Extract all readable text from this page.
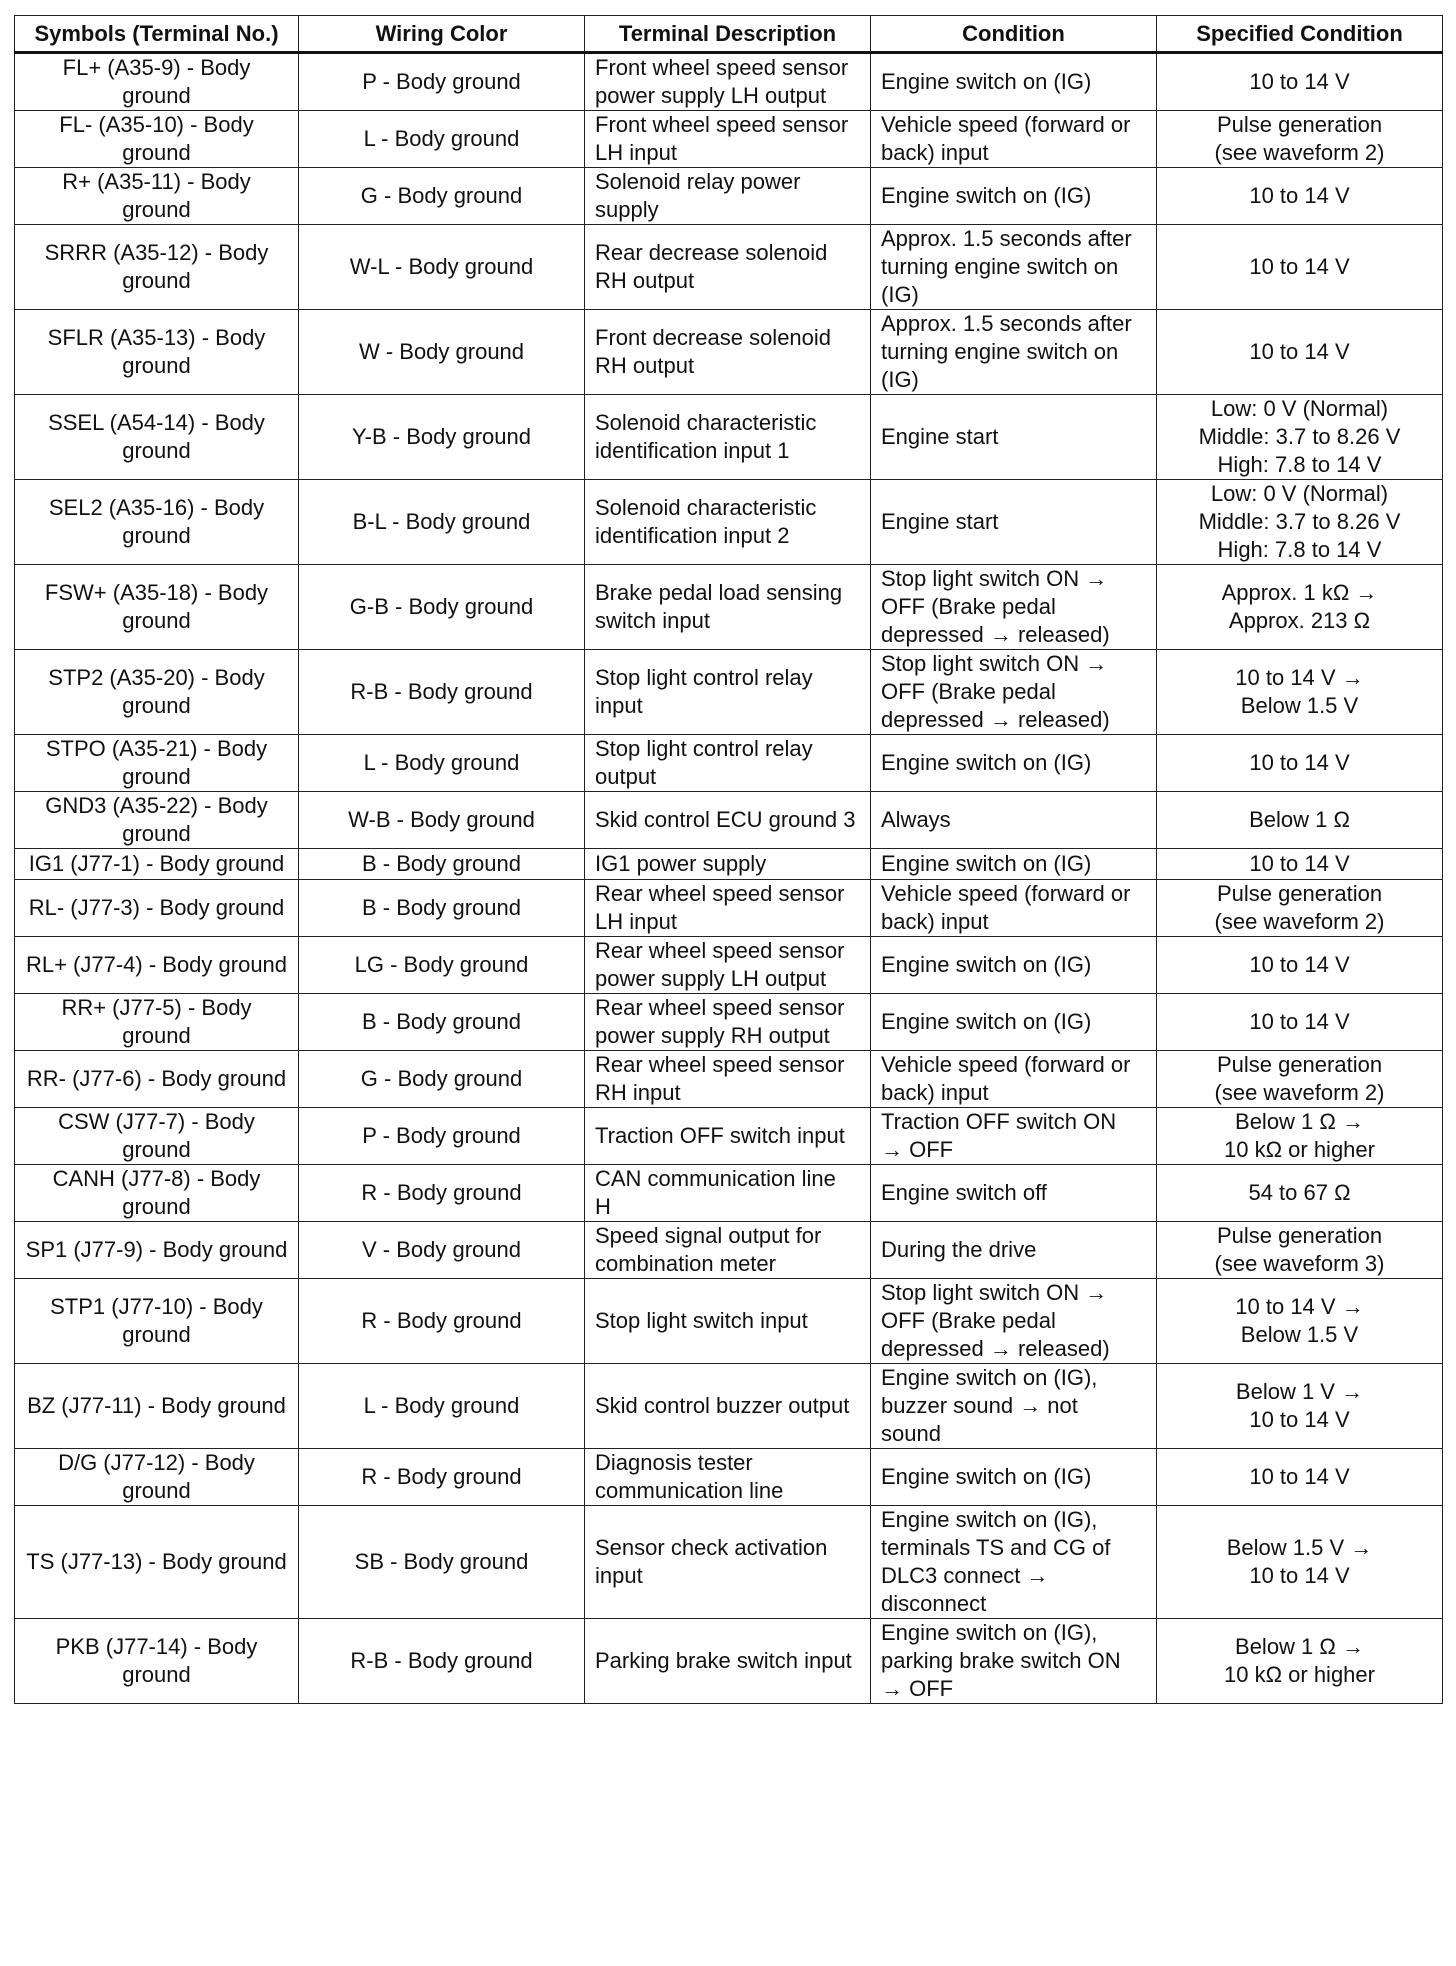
Symbols (Terminal No.)	Wiring Color	Terminal Description	Condition	Specified Condition
FL+ (A35-9) - Body
ground	P - Body ground	Front wheel speed sensor
power supply LH output	Engine switch on (IG)	10 to 14 V
FL- (A35-10) - Body
ground	L - Body ground	Front wheel speed sensor
LH input	Vehicle speed (forward or
back) input	Pulse generation
(see waveform 2)
R+ (A35-11) - Body
ground	G - Body ground	Solenoid relay power
supply	Engine switch on (IG)	10 to 14 V
SRRR (A35-12) - Body
ground	W-L - Body ground	Rear decrease solenoid
RH output	Approx. 1.5 seconds after
turning engine switch on
(IG)	10 to 14 V
SFLR (A35-13) - Body
ground	W - Body ground	Front decrease solenoid
RH output	Approx. 1.5 seconds after
turning engine switch on
(IG)	10 to 14 V
SSEL (A54-14) - Body
ground	Y-B - Body ground	Solenoid characteristic
identification input 1	Engine start	Low: 0 V (Normal)
Middle: 3.7 to 8.26 V
High: 7.8 to 14 V
SEL2 (A35-16) - Body
ground	B-L - Body ground	Solenoid characteristic
identification input 2	Engine start	Low: 0 V (Normal)
Middle: 3.7 to 8.26 V
High: 7.8 to 14 V
FSW+ (A35-18) - Body
ground	G-B - Body ground	Brake pedal load sensing
switch input	Stop light switch ON →
OFF (Brake pedal
depressed → released)	Approx. 1 kΩ →
Approx. 213 Ω
STP2 (A35-20) - Body
ground	R-B - Body ground	Stop light control relay
input	Stop light switch ON →
OFF (Brake pedal
depressed → released)	10 to 14 V →
Below 1.5 V
STPO (A35-21) - Body
ground	L - Body ground	Stop light control relay
output	Engine switch on (IG)	10 to 14 V
GND3 (A35-22) - Body
ground	W-B - Body ground	Skid control ECU ground 3	Always	Below 1 Ω
IG1 (J77-1) - Body ground	B - Body ground	IG1 power supply	Engine switch on (IG)	10 to 14 V
RL- (J77-3) - Body ground	B - Body ground	Rear wheel speed sensor
LH input	Vehicle speed (forward or
back) input	Pulse generation
(see waveform 2)
RL+ (J77-4) - Body ground	LG - Body ground	Rear wheel speed sensor
power supply LH output	Engine switch on (IG)	10 to 14 V
RR+ (J77-5) - Body
ground	B - Body ground	Rear wheel speed sensor
power supply RH output	Engine switch on (IG)	10 to 14 V
RR- (J77-6) - Body ground	G - Body ground	Rear wheel speed sensor
RH input	Vehicle speed (forward or
back) input	Pulse generation
(see waveform 2)
CSW (J77-7) - Body
ground	P - Body ground	Traction OFF switch input	Traction OFF switch ON
→ OFF	Below 1 Ω →
10 kΩ or higher
CANH (J77-8) - Body
ground	R - Body ground	CAN communication line
H	Engine switch off	54 to 67 Ω
SP1 (J77-9) - Body ground	V - Body ground	Speed signal output for
combination meter	During the drive	Pulse generation
(see waveform 3)
STP1 (J77-10) - Body
ground	R - Body ground	Stop light switch input	Stop light switch ON →
OFF (Brake pedal
depressed → released)	10 to 14 V →
Below 1.5 V
BZ (J77-11) - Body ground	L - Body ground	Skid control buzzer output	Engine switch on (IG),
buzzer sound → not
sound	Below 1 V →
10 to 14 V
D/G (J77-12) - Body
ground	R - Body ground	Diagnosis tester
communication line	Engine switch on (IG)	10 to 14 V
TS (J77-13) - Body ground	SB - Body ground	Sensor check activation
input	Engine switch on (IG),
terminals TS and CG of
DLC3 connect →
disconnect	Below 1.5 V →
10 to 14 V
PKB (J77-14) - Body
ground	R-B - Body ground	Parking brake switch input	Engine switch on (IG),
parking brake switch ON
→ OFF	Below 1 Ω →
10 kΩ or higher
